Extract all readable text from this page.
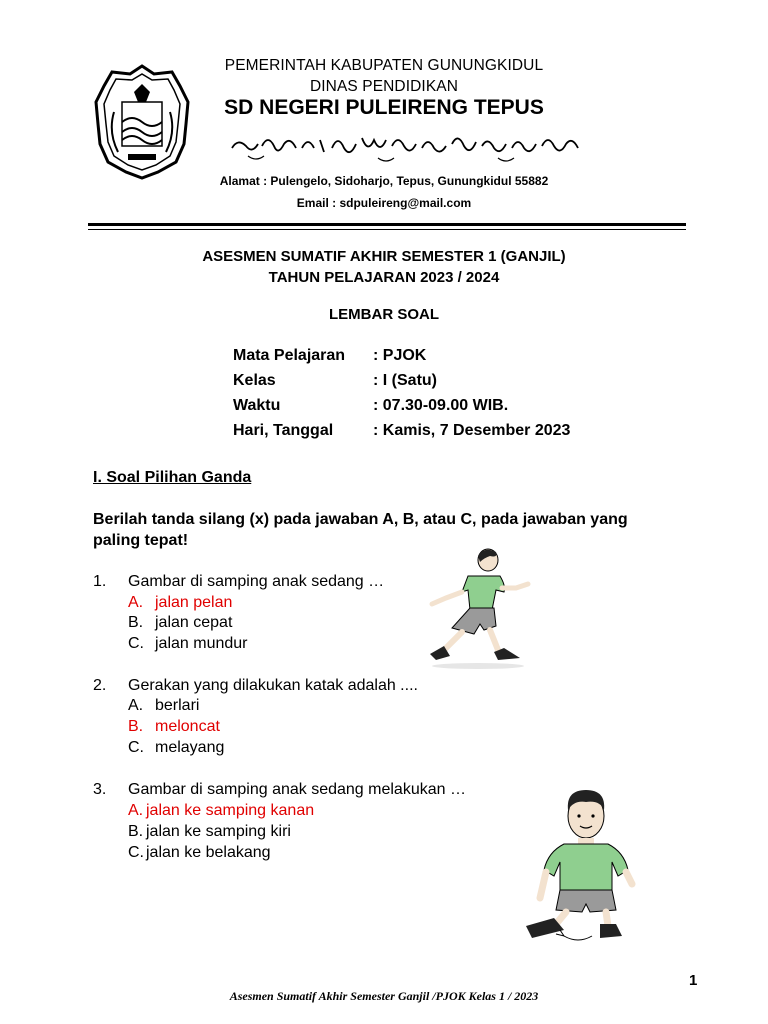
PEMERINTAH KABUPATEN GUNUNGKIDUL
DINAS PENDIDIKAN
SD NEGERI PULEIRENG TEPUS
Alamat : Pulengelo, Sidoharjo, Tepus, Gunungkidul 55882
Email : sdpuleireng@mail.com
ASESMEN SUMATIF AKHIR SEMESTER 1 (GANJIL)
TAHUN PELAJARAN 2023 / 2024
LEMBAR SOAL
Mata Pelajaran : PJOK
Kelas	: I (Satu)
Waktu	: 07.30-09.00 WIB.
Hari, Tanggal : Kamis, 7 Desember 2023
I. Soal Pilihan Ganda
Berilah tanda silang (x) pada jawaban A, B, atau C, pada jawaban yang
paling tepat!
1. Gambar di samping anak sedang …
A. jalan pelan
B. jalan cepat
C. jalan mundur
2. Gerakan yang dilakukan katak adalah ....
A. berlari
B. meloncat
C. melayang
3. Gambar di samping anak sedang melakukan …
A. jalan ke samping kanan
B. jalan ke samping kiri
C. jalan ke belakang
1
Asesmen Sumatif Akhir Semester Ganjil /PJOK Kelas 1 / 2023
